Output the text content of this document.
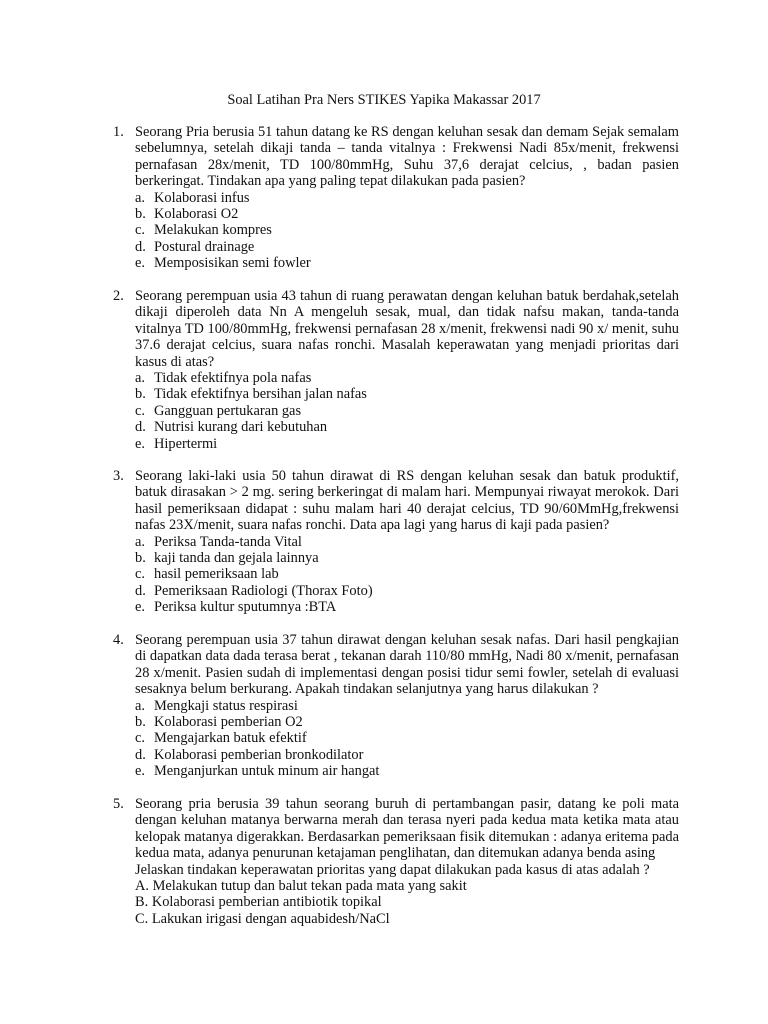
Soal Latihan Pra Ners STIKES Yapika Makassar 2017
1. Seorang Pria berusia 51 tahun datang ke RS dengan keluhan sesak dan demam Sejak semalam sebelumnya, setelah dikaji tanda – tanda vitalnya : Frekwensi Nadi 85x/menit, frekwensi pernafasan 28x/menit, TD 100/80mmHg, Suhu 37,6 derajat celcius, , badan pasien berkeringat. Tindakan apa yang paling tepat dilakukan pada pasien?
a. Kolaborasi infus
b. Kolaborasi O2
c. Melakukan kompres
d. Postural drainage
e. Memposisikan semi fowler
2. Seorang perempuan usia 43 tahun di ruang perawatan dengan keluhan batuk berdahak,setelah dikaji diperoleh data Nn A mengeluh sesak, mual, dan tidak nafsu makan, tanda-tanda vitalnya TD 100/80mmHg, frekwensi pernafasan 28 x/menit, frekwensi nadi 90 x/ menit, suhu 37.6 derajat celcius, suara nafas ronchi. Masalah keperawatan yang menjadi prioritas dari kasus di atas?
a. Tidak efektifnya pola nafas
b. Tidak efektifnya bersihan jalan nafas
c. Gangguan pertukaran gas
d. Nutrisi kurang dari kebutuhan
e. Hipertermi
3. Seorang laki-laki usia 50 tahun dirawat di RS dengan keluhan sesak dan batuk produktif, batuk dirasakan > 2 mg. sering berkeringat di malam hari. Mempunyai riwayat merokok. Dari hasil pemeriksaan didapat : suhu malam hari 40 derajat celcius, TD 90/60MmHg,frekwensi nafas 23X/menit, suara nafas ronchi. Data apa lagi yang harus di kaji pada pasien?
a. Periksa Tanda-tanda Vital
b. kaji tanda dan gejala lainnya
c. hasil pemeriksaan lab
d. Pemeriksaan Radiologi (Thorax Foto)
e. Periksa kultur sputumnya :BTA
4. Seorang perempuan usia 37 tahun dirawat dengan keluhan sesak nafas. Dari hasil pengkajian di dapatkan data dada terasa berat , tekanan darah 110/80 mmHg, Nadi 80 x/menit, pernafasan 28 x/menit. Pasien sudah di implementasi dengan posisi tidur semi fowler, setelah di evaluasi sesaknya belum berkurang. Apakah tindakan selanjutnya yang harus dilakukan ?
a. Mengkaji status respirasi
b. Kolaborasi pemberian O2
c. Mengajarkan batuk efektif
d. Kolaborasi pemberian bronkodilator
e. Menganjurkan untuk minum air hangat
5. Seorang pria berusia 39 tahun seorang buruh di pertambangan pasir, datang ke poli mata dengan keluhan matanya berwarna merah dan terasa nyeri pada kedua mata ketika mata atau kelopak matanya digerakkan. Berdasarkan pemeriksaan fisik ditemukan : adanya eritema pada kedua mata, adanya penurunan ketajaman penglihatan, dan ditemukan adanya benda asing
Jelaskan tindakan keperawatan prioritas yang dapat dilakukan pada kasus di atas adalah ?
A. Melakukan tutup dan balut tekan pada mata yang sakit
B. Kolaborasi pemberian antibiotik topikal
C. Lakukan irigasi dengan aquabidesh/NaCl
